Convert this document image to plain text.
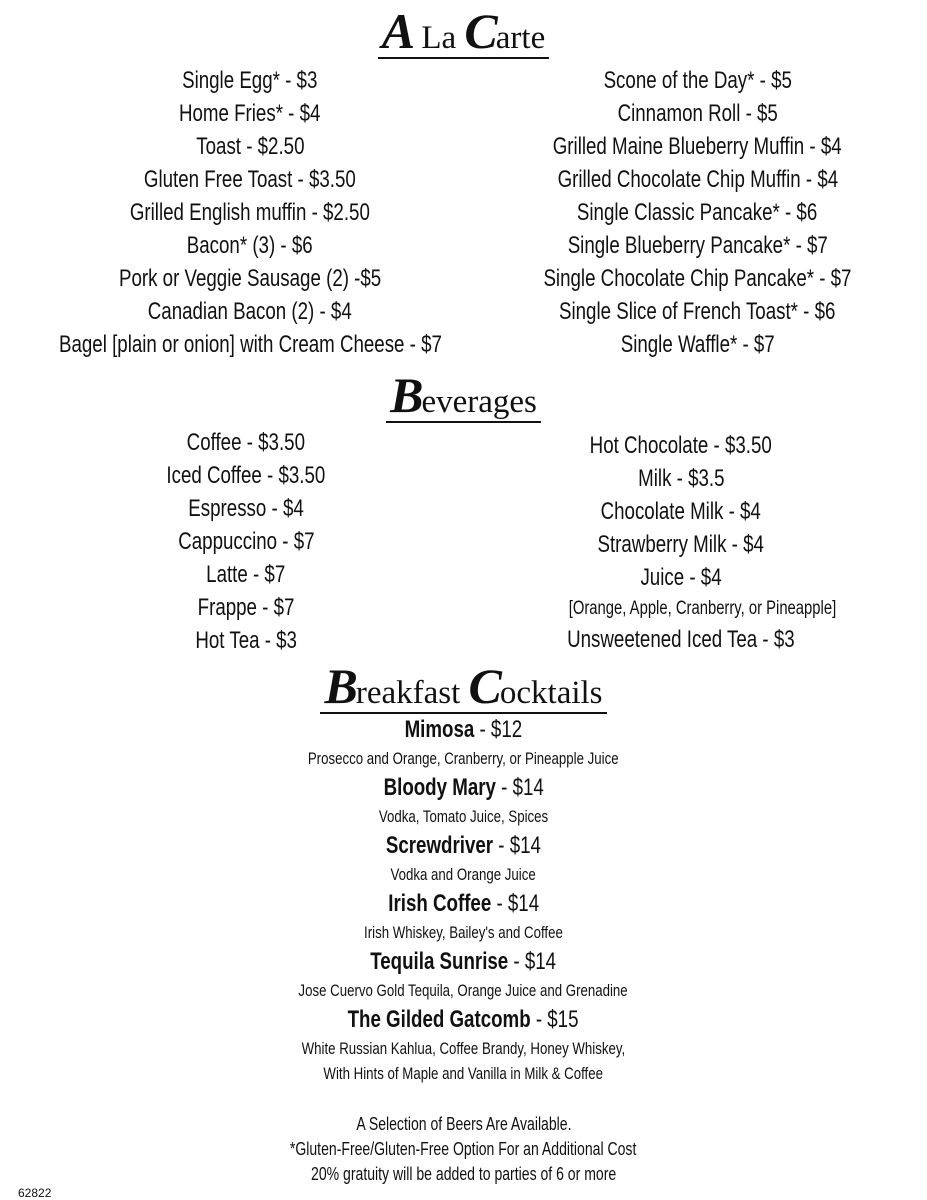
A La Carte
Single Egg* - $3
Home Fries* - $4
Toast - $2.50
Gluten Free Toast - $3.50
Grilled English muffin - $2.50
Bacon* (3) - $6
Pork or Veggie Sausage (2) -$5
Canadian Bacon (2) - $4
Bagel [plain or onion] with Cream Cheese - $7
Scone of the Day* - $5
Cinnamon Roll - $5
Grilled Maine Blueberry Muffin - $4
Grilled Chocolate Chip Muffin - $4
Single Classic Pancake* - $6
Single Blueberry Pancake* - $7
Single Chocolate Chip Pancake* - $7
Single Slice of French Toast* - $6
Single Waffle* - $7
Beverages
Coffee - $3.50
Iced Coffee - $3.50
Espresso - $4
Cappuccino - $7
Latte - $7
Frappe - $7
Hot Tea - $3
Hot Chocolate - $3.50
Milk - $3.5
Chocolate Milk - $4
Strawberry Milk - $4
Juice - $4
[Orange, Apple, Cranberry, or Pineapple]
Unsweetened Iced Tea - $3
Breakfast Cocktails
Mimosa - $12
Prosecco and Orange, Cranberry, or Pineapple Juice
Bloody Mary - $14
Vodka, Tomato Juice, Spices
Screwdriver - $14
Vodka and Orange Juice
Irish Coffee - $14
Irish Whiskey, Bailey's and Coffee
Tequila Sunrise - $14
Jose Cuervo Gold Tequila, Orange Juice and Grenadine
The Gilded Gatcomb - $15
White Russian Kahlua, Coffee Brandy, Honey Whiskey,
With Hints of Maple and Vanilla in Milk & Coffee
A Selection of Beers Are Available.
*Gluten-Free/Gluten-Free Option For an Additional Cost
20% gratuity will be added to parties of 6 or more
62822
